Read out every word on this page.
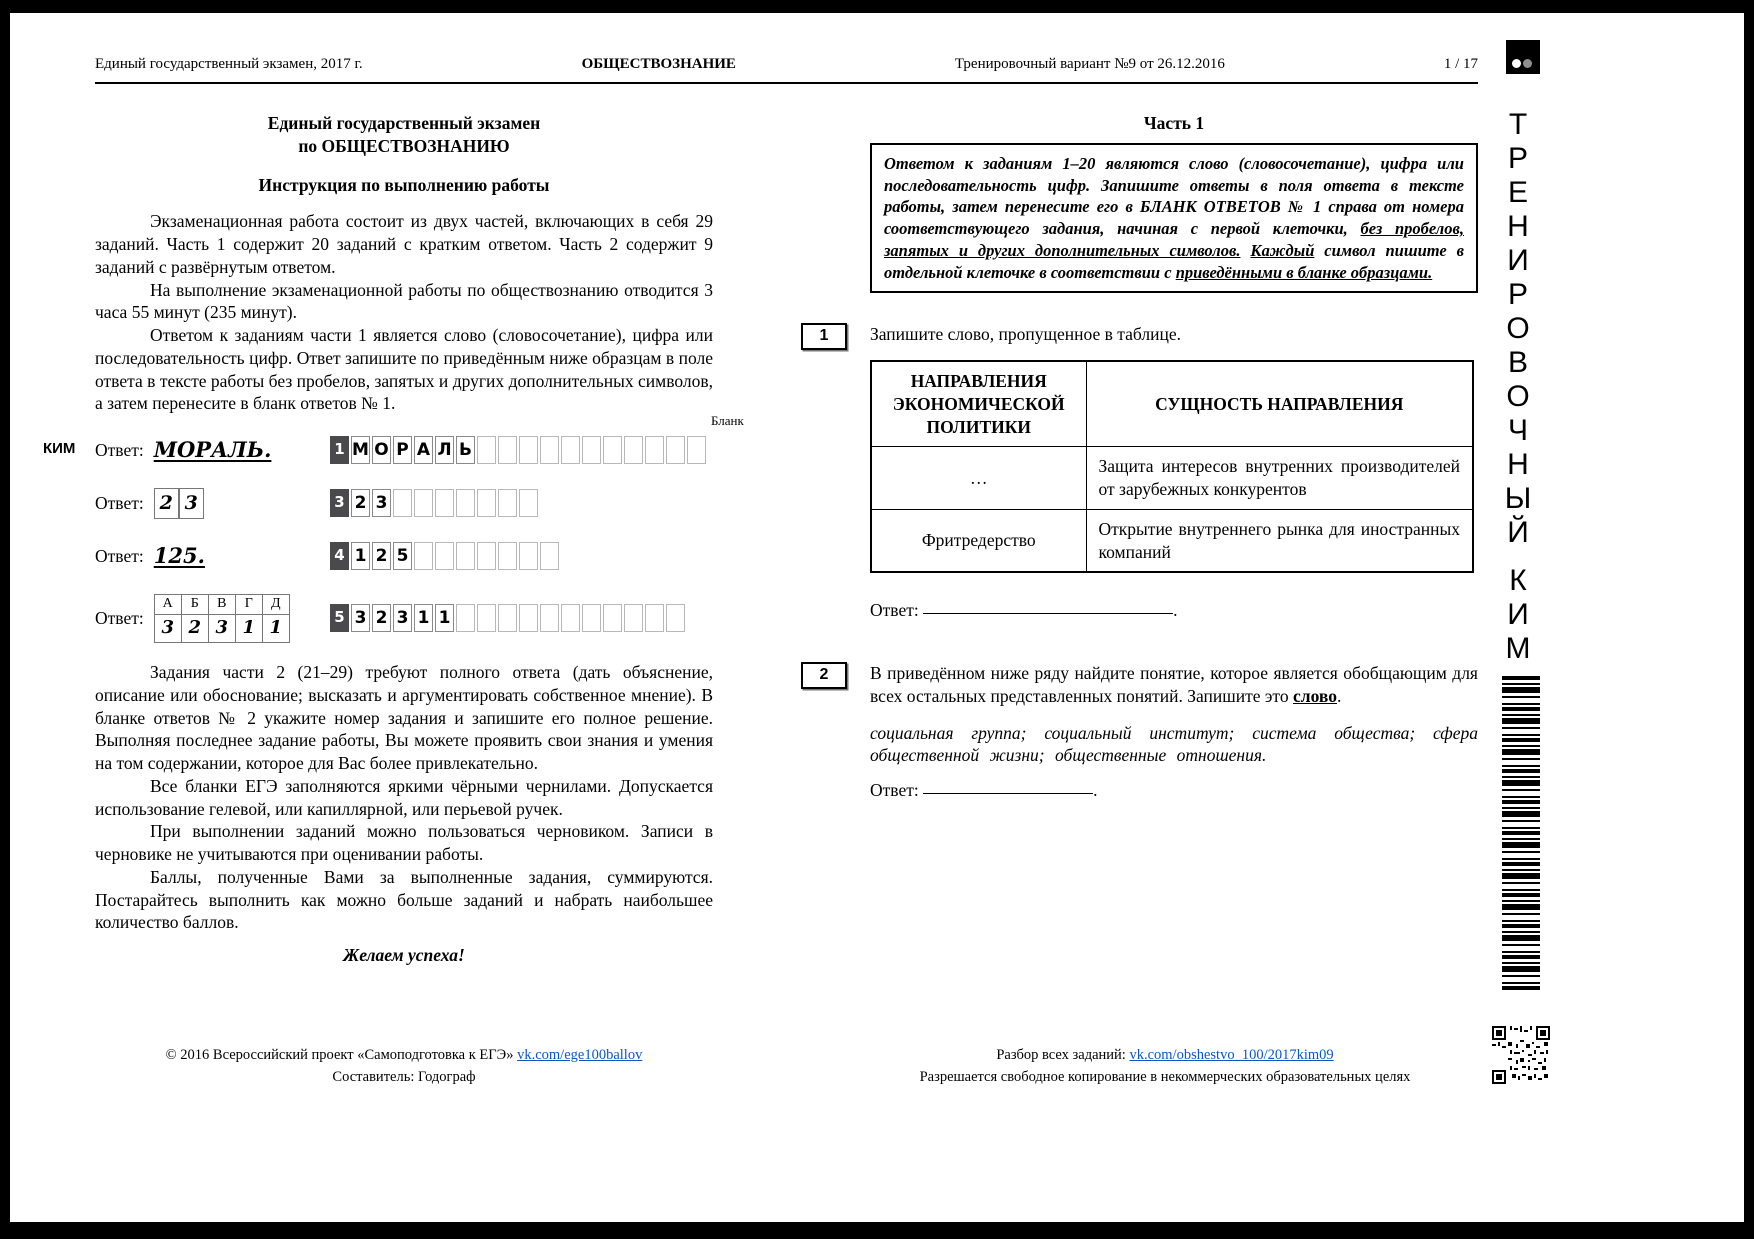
Единый государственный экзамен, 2017 г.	ОБЩЕСТВОЗНАНИЕ	Тренировочный вариант №9 от 26.12.2016	1 / 17
Т
Р
Е
Н
И
Р
О
В
О
Ч
Н
Ы
Й
К
И
М
Единый государственный экзамен
по ОБЩЕСТВОЗНАНИЮ
Инструкция по выполнению работы

Экзаменационная работа состоит из двух частей, включающих в себя 29 заданий. Часть 1 содержит 20 заданий с кратким ответом. Часть 2 содержит 9 заданий с развёрнутым ответом.

На выполнение экзаменационной работы по обществознанию отводится 3 часа 55 минут (235 минут).

Ответом к заданиям части 1 является слово (словосочетание), цифра или последовательность цифр. Ответ запишите по приведённым ниже образцам в поле ответа в тексте работы без пробелов, запятых и других дополнительных символов, а затем перенесите в бланк ответов № 1.

КИМ
Бланк
Ответ: МОРАЛЬ.	1 М О Р А Л Ь
Ответ: 2 3	3 2 3
Ответ: 125.	4 1 2 5
Ответ:
А	Б	В	Г	Д
3	2	3	1	1
5 3 2 3 1 1

Задания части 2 (21–29) требуют полного ответа (дать объяснение, описание или обоснование; высказать и аргументировать собственное мнение). В бланке ответов № 2 укажите номер задания и запишите его полное решение. Выполняя последнее задание работы, Вы можете проявить свои знания и умения на том содержании, которое для Вас более привлекательно.

Все бланки ЕГЭ заполняются яркими чёрными чернилами. Допускается использование гелевой, или капиллярной, или перьевой ручек.

При выполнении заданий можно пользоваться черновиком. Записи в черновике не учитываются при оценивании работы.

Баллы, полученные Вами за выполненные задания, суммируются. Постарайтесь выполнить как можно больше заданий и набрать наибольшее количество баллов.

Желаем успеха!
Часть 1
Ответом к заданиям 1–20 являются слово (словосочетание), цифра или последовательность цифр. Запишите ответы в поля ответа в тексте работы, затем перенесите его в БЛАНК ОТВЕТОВ № 1 справа от номера соответствующего задания, начиная с первой клеточки, без пробелов, запятых и других дополнительных символов. Каждый символ пишите в отдельной клеточке в соответствии с приведёнными в бланке образцами.
1	Запишите слово, пропущенное в таблице.
НАПРАВЛЕНИЯ ЭКОНОМИЧЕСКОЙ ПОЛИТИКИ	СУЩНОСТЬ НАПРАВЛЕНИЯ
…	Защита интересов внутренних производителей от зарубежных конкурентов
Фритредерство	Открытие внутреннего рынка для иностранных компаний
Ответ:	.
2	В приведённом ниже ряду найдите понятие, которое является обобщающим для всех остальных представленных понятий. Запишите это слово.
социальная группа; социальный институт; система общества; сфера общественной жизни; общественные отношения.
Ответ:	.
© 2016 Всероссийский проект «Самоподготовка к ЕГЭ» vk.com/ege100ballov
Составитель: Годограф
Разбор всех заданий: vk.com/obshestvo_100/2017kim09
Разрешается свободное копирование в некоммерческих образовательных целях
